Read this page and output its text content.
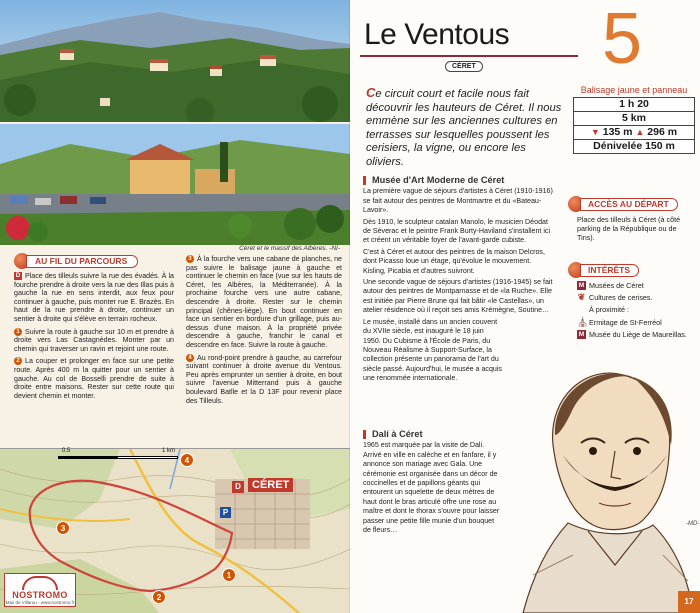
Céret et le massif des Albères. -NI-
AU FIL DU PARCOURS

D Place des tilleuls suivre la rue des évadés. À la fourche prendre à droite vers la rue des Illas puis à gauche la rue en sens interdit, aux feux pour continuer à gauche, puis monter rue E. Brazès. En haut de la rue prendre à droite, continuer un sentier à droite qui s'élève en terrain rocheux.

1 Suivre la route à gauche sur 10 m et prendre à droite vers Las Castagnèdes. Monter par un chemin qui traverser un ravin et rejoint une route.

2 La couper et prolonger en face sur une petite route. Après 400 m la quitter pour un sentier à gauche. Au col de Bosselli prendre de suite à droite entre maisons. Rester sur cette route qui devient chemin et monter.

3 À la fourche vers une cabane de planches, ne pas suivre le balisage jaune à gauche et continuer le chemin en face (vue sur les hauts de Céret, les Albères, la Méditerranée). À la prochaine fourche vers une autre cabane, descendre à droite. Rester sur le chemin principal (chênes-liège). En bout continuer en face un sentier en bordure d'un grillage, puis au-dessus d'une maison. À la propriété privée descendre à gauche, franchir le canal et descendre en face. Suivre la route à gauche.

4 Au rond-point prendre à gauche, au carrefour suivant continuer à droite avenue du Ventous. Peu après emprunter un sentier à droite, en bout suivre l'avenue Mitterrand puis à gauche boulevard Batlle et la D 13F pour revenir place des Tilleuls.

0.5	1 km
CÉRET
D
1
2
3
4
P
NOSTROMO
Mas de Villarou - www.nostromo.fr
Le Ventous
CÉRET 5
Balisage jaune et panneau
1 h 20
5 km
▼ 135 m ▲ 296 m
Dénivelée 150 m
Ce circuit court et facile nous fait découvrir les hauteurs de Céret. Il nous emmène sur les anciennes cultures en terrasses sur lesquelles poussent les cerisiers, la vigne, ou encore les oliviers.
Musée d'Art Moderne de Céret

La première vague de séjours d'artistes à Céret (1910-1916) se fait autour des peintres de Montmartre et du «Bateau-Lavoir».

Dès 1910, le sculpteur catalan Manolo, le musicien Déodat de Séverac et le peintre Frank Burty-Haviland s'installent ici et créent un véritable foyer de l'avant-garde cubiste.

C'est à Céret et autour des peintres de la maison Delcros, dont Picasso loue un étage, qu'évolue le mouvement. Kisling, Picabia et d'autres suivront.

Une seconde vague de séjours d'artistes (1916-1945) se fait autour des peintres de Montparnasse et de «la Ruche». Elle est initiée par Pierre Brune qui fait bâtir «le Castellas», un atelier résidence où il reçoit ses amis Krémègne, Soutine…

Le musée, installé dans un ancien couvent du XVIIe siècle, est inauguré le 18 juin 1950. Du Cubisme à l'École de Paris, du Nouveau Réalisme à Support-Surface, la collection présente un panorama de l'art du siècle passé. Aujourd'hui, le musée a acquis une renommée internationale.

-MD-
Dalí à Céret

1965 est marquée par la visite de Dali. Arrivé en ville en calèche et en fanfare, il y annonce son mariage avec Gala. Une cérémonie est organisée dans un décor de coccinelles et de papillons géants qui entourent un squelette de deux mètres de haut dont le bras articulé offre une rose au maître et dont le thorax s'ouvre pour laisser passer une petite fille munie d'un bouquet de fleurs…

ACCÈS AU DÉPART
Place des tilleuls à Céret (à côté parking de la République ou de Tins).
INTÉRÊTS
M Musées de Céret
❦ Cultures de cerises.
À proximité :
⛪ Ermitage de St-Ferréol
M Musée du Liège de Maureillas.
17
